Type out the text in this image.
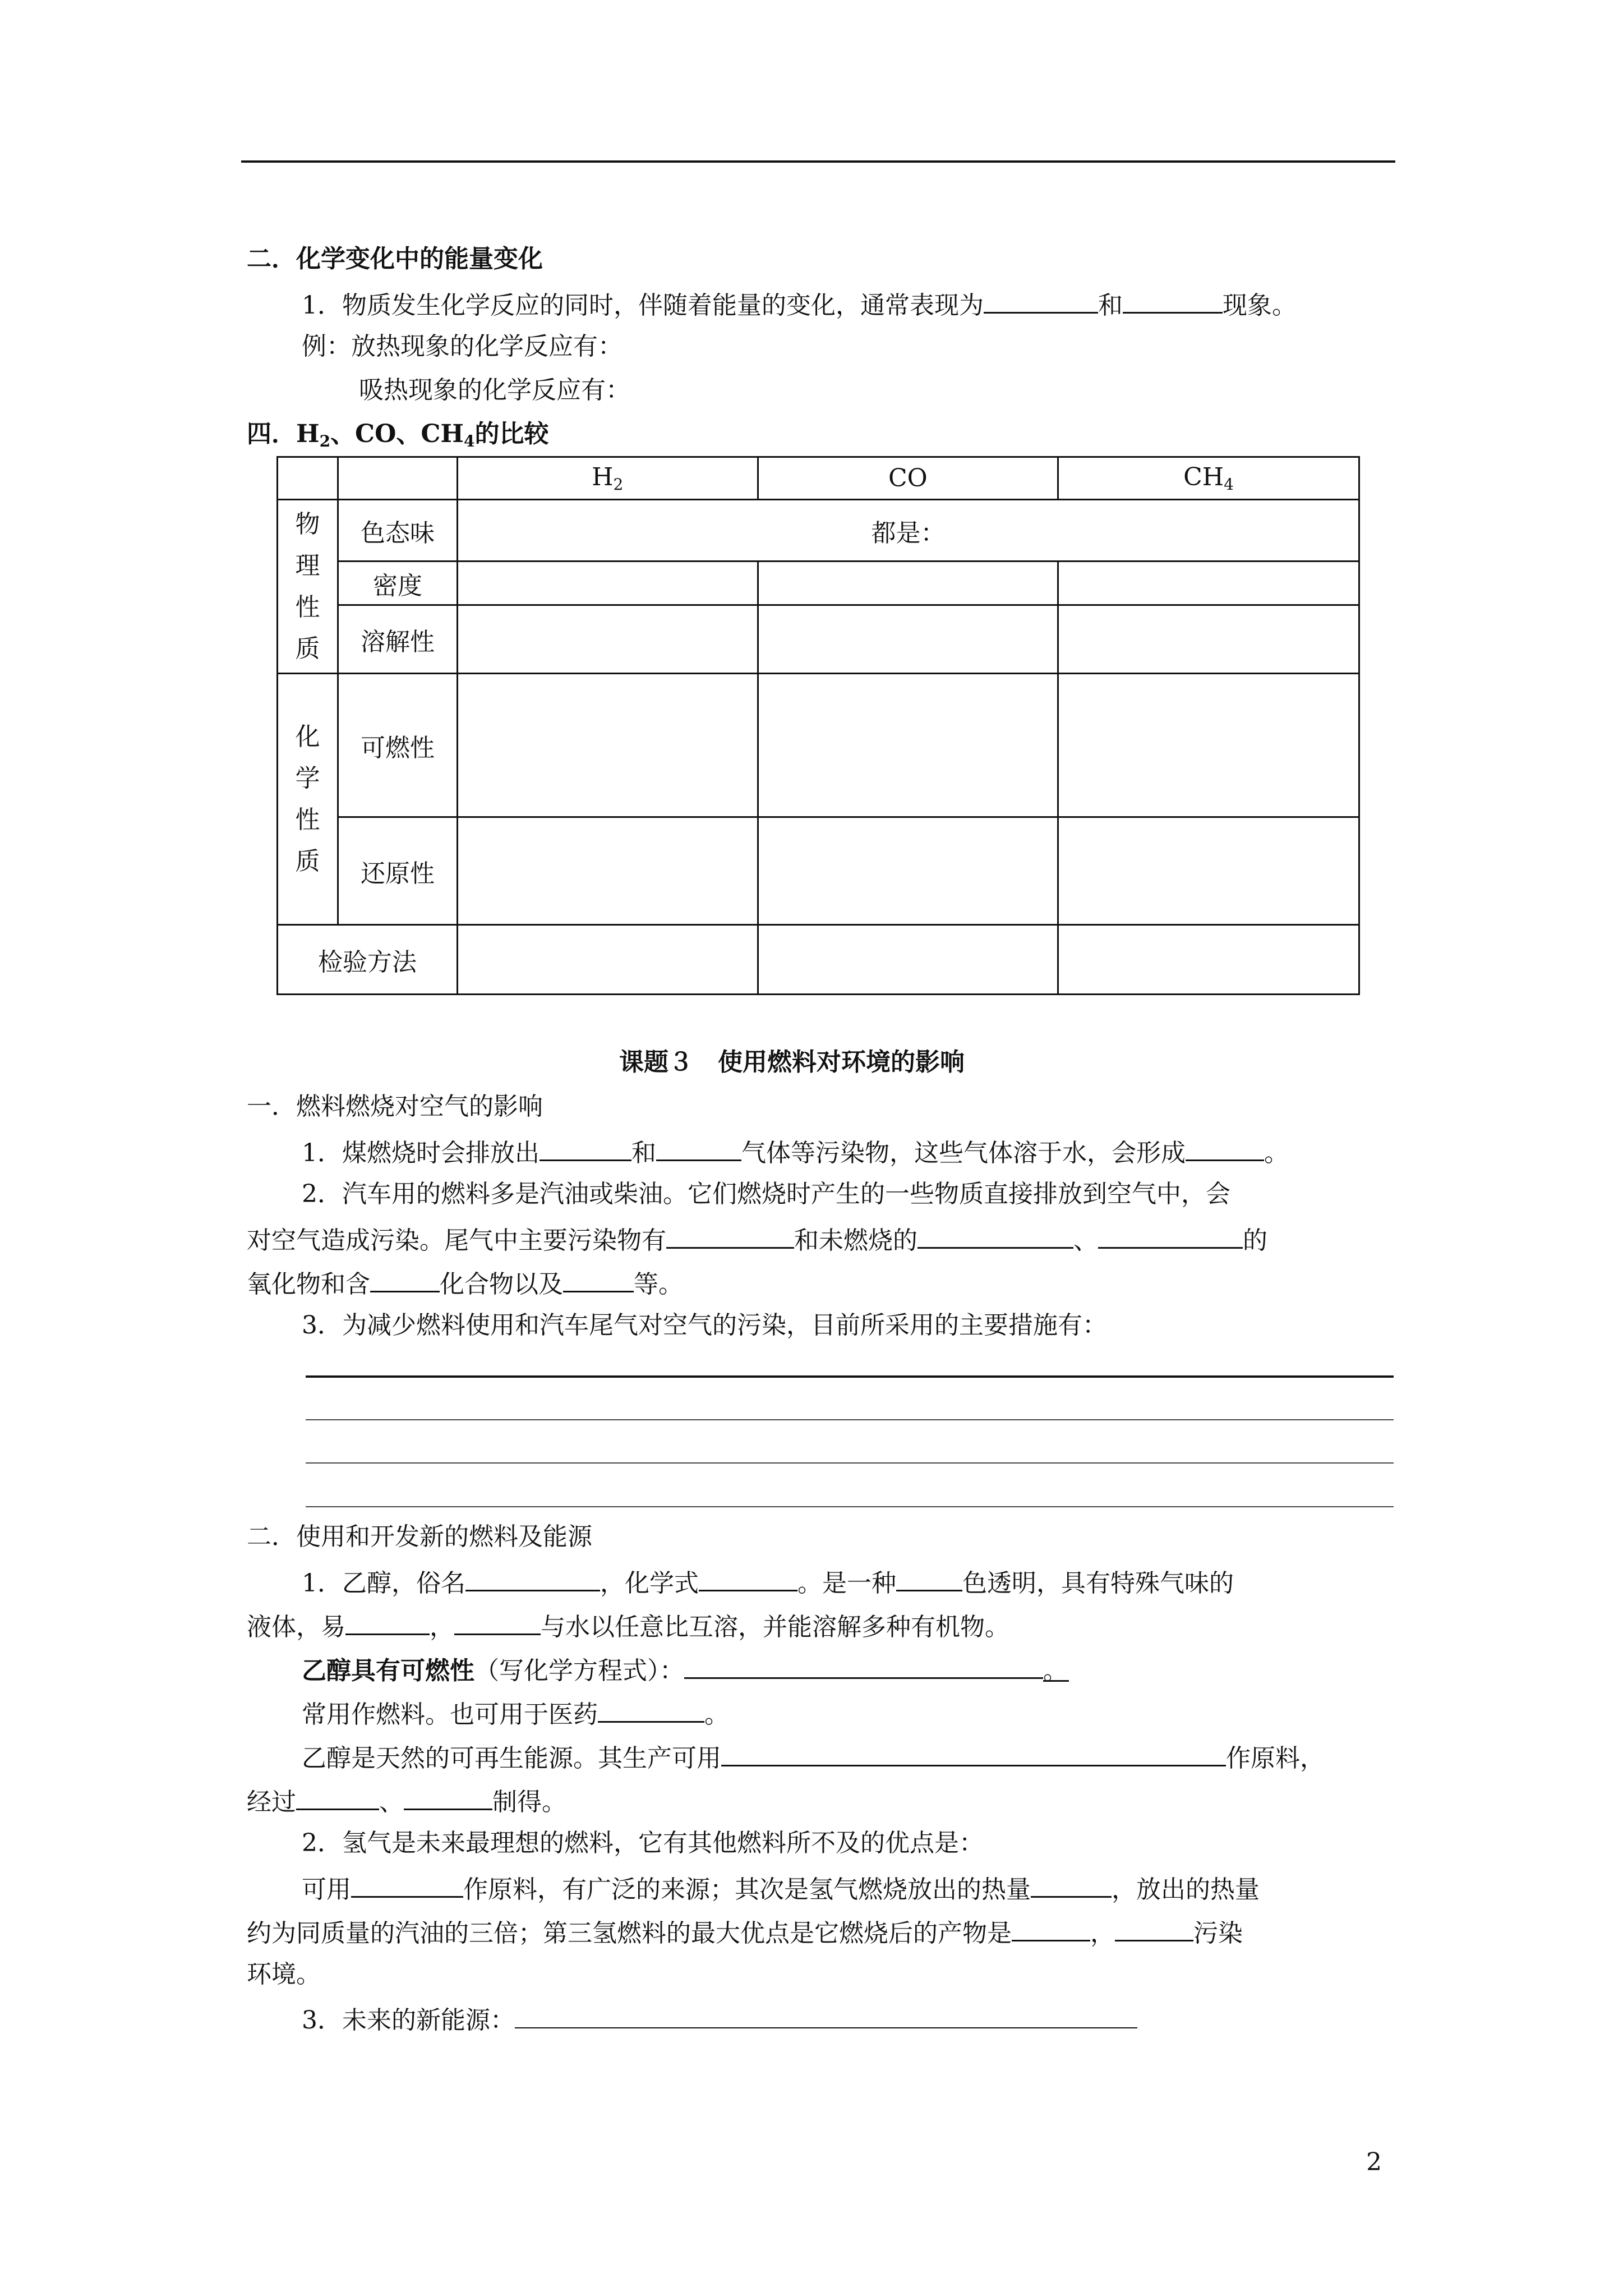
二．化学变化中的能量变化
1．物质发生化学反应的同时，伴随着能量的变化，通常表现为	和	现象。
例：放热现象的化学反应有：
吸热现象的化学反应有：
四．$H_2$、CO、$CH_4$的比较
		$H_2$	CO	$CH_4$
物理性质	色态味	都是：		
	密度			
	溶解性			
化学性质	可燃性			
	还原性			
检验方法				
课题３　使用燃料对环境的影响
一．燃料燃烧对空气的影响
1．煤燃烧时会排放出	和	气体等污染物，这些气体溶于水，会形成	。
2．汽车用的燃料多是汽油或柴油。它们燃烧时产生的一些物质直接排放到空气中，会
对空气造成污染。尾气中主要污染物有	和未燃烧的	、	的
氧化物和含	化合物以及	等。
3．为减少燃料使用和汽车尾气对空气的污染，目前所采用的主要措施有：
二．使用和开发新的燃料及能源
1．乙醇，俗名	，化学式	。是一种	色透明，具有特殊气味的
液体，易	，	与水以任意比互溶，并能溶解多种有机物。
乙醇具有可燃性（写化学方程式）：	。
常用作燃料。也可用于医药	。
乙醇是天然的可再生能源。其生产可用	作原料，
经过	、	制得。
2．氢气是未来最理想的燃料，它有其他燃料所不及的优点是：
可用	作原料，有广泛的来源；其次是氢气燃烧放出的热量	，放出的热量
约为同质量的汽油的三倍；第三氢燃料的最大优点是它燃烧后的产物是	，	污染
环境。
3．未来的新能源：
2
